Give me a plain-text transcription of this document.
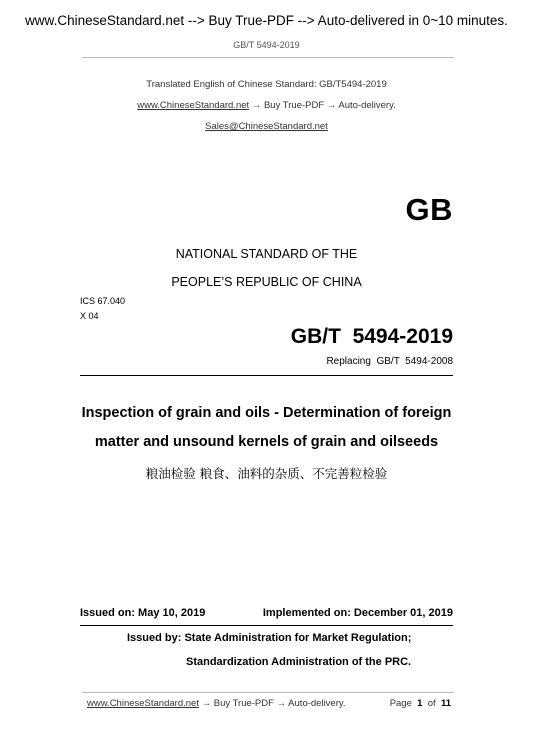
www.ChineseStandard.net --> Buy True-PDF --> Auto-delivered in 0~10 minutes.
GB/T 5494-2019
Translated English of Chinese Standard: GB/T5494-2019
www.ChineseStandard.net → Buy True-PDF → Auto-delivery.
Sales@ChineseStandard.net
GB
NATIONAL STANDARD OF THE
PEOPLE’S REPUBLIC OF CHINA
ICS 67.040
X 04
GB/T  5494-2019
Replacing  GB/T  5494-2008
Inspection of grain and oils - Determination of foreign
matter and unsound kernels of grain and oilseeds
粮油检验 粮食、油料的杂质、不完善粒检验
Issued on: May 10, 2019	Implemented on: December 01, 2019
Issued by: State Administration for Market Regulation;
Standardization Administration of the PRC.
www.ChineseStandard.net → Buy True-PDF → Auto-delivery.	Page 1 of 11
